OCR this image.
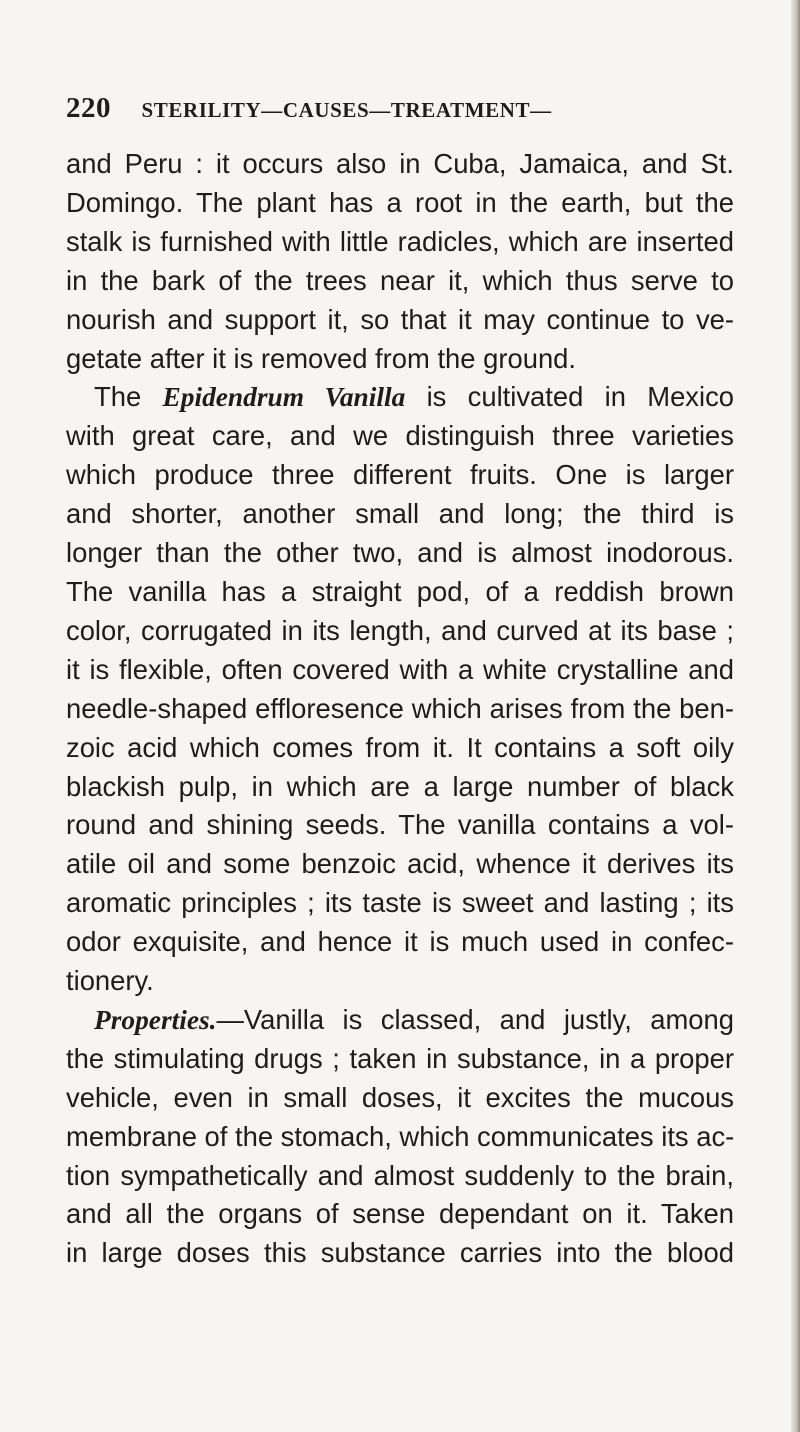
220 STERILITY—CAUSES—TREATMENT—
and Peru : it occurs also in Cuba, Jamaica, and St.
Domingo. The plant has a root in the earth, but the
stalk is furnished with little radicles, which are inserted
in the bark of the trees near it, which thus serve to
nourish and support it, so that it may continue to ve-
getate after it is removed from the ground.
The Epidendrum Vanilla is cultivated in Mexico
with great care, and we distinguish three varieties
which produce three different fruits. One is larger
and shorter, another small and long; the third is
longer than the other two, and is almost inodorous.
The vanilla has a straight pod, of a reddish brown
color, corrugated in its length, and curved at its base ;
it is flexible, often covered with a white crystalline and
needle-shaped effloresence which arises from the ben-
zoic acid which comes from it. It contains a soft oily
blackish pulp, in which are a large number of black
round and shining seeds. The vanilla contains a vol-
atile oil and some benzoic acid, whence it derives its
aromatic principles ; its taste is sweet and lasting ; its
odor exquisite, and hence it is much used in confec-
tionery.
Properties.—Vanilla is classed, and justly, among
the stimulating drugs ; taken in substance, in a proper
vehicle, even in small doses, it excites the mucous
membrane of the stomach, which communicates its ac-
tion sympathetically and almost suddenly to the brain,
and all the organs of sense dependant on it. Taken
in large doses this substance carries into the blood
